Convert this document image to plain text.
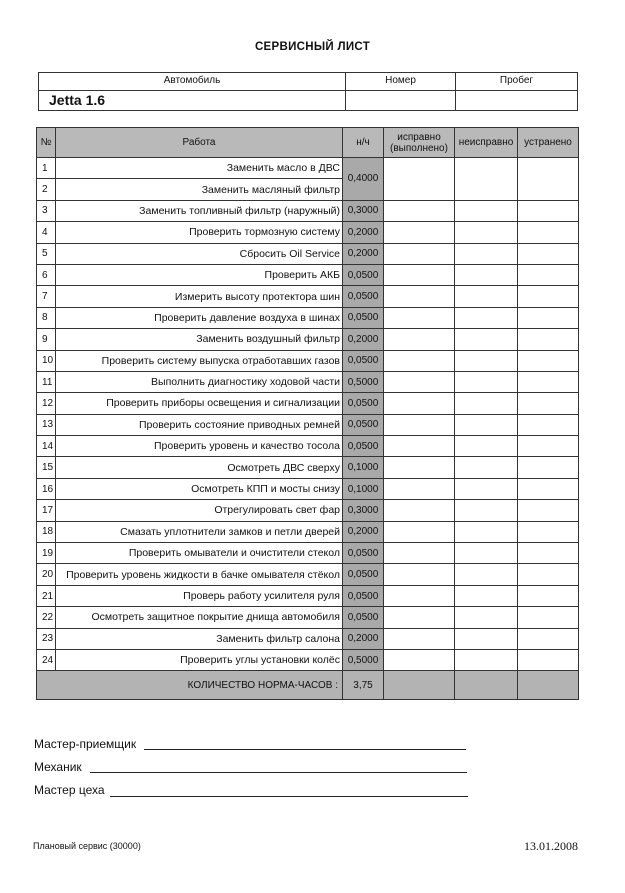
СЕРВИСНЫЙ ЛИСТ
Автомобиль	Номер	Пробег
Jetta 1.6
№	Работа	н/ч	исправно (выполнено)	неисправно	устранено
1	Заменить масло в ДВС	0,4000			
2	Заменить масляный фильтр				
3	Заменить топливный фильтр (наружный)	0,3000			
4	Проверить тормозную систему	0,2000			
5	Сбросить Oil Service	0,2000			
6	Проверить АКБ	0,0500			
7	Измерить высоту протектора шин	0,0500			
8	Проверить давление воздуха в шинах	0,0500			
9	Заменить воздушный фильтр	0,2000			
10	Проверить систему выпуска отработавших газов	0,0500			
11	Выполнить диагностику ходовой части	0,5000			
12	Проверить приборы освещения и сигнализации	0,0500			
13	Проверить состояние приводных ремней	0,0500			
14	Проверить уровень и качество тосола	0,0500			
15	Осмотреть ДВС сверху	0,1000			
16	Осмотреть КПП и мосты снизу	0,1000			
17	Отрегулировать свет фар	0,3000			
18	Смазать уплотнители замков и петли дверей	0,2000			
19	Проверить омыватели и очистители стекол	0,0500			
20	Проверить уровень жидкости в бачке омывателя стёкол	0,0500			
21	Проверь работу усилителя руля	0,0500			
22	Осмотреть защитное покрытие днища автомобиля	0,0500			
23	Заменить фильтр салона	0,2000			
24	Проверить углы установки колёс	0,5000			
КОЛИЧЕСТВО НОРМА-ЧАСОВ :		3,75			
Мастер-приемщик
Механик
Мастер цеха
Плановый сервис (30000)	13.01.2008
